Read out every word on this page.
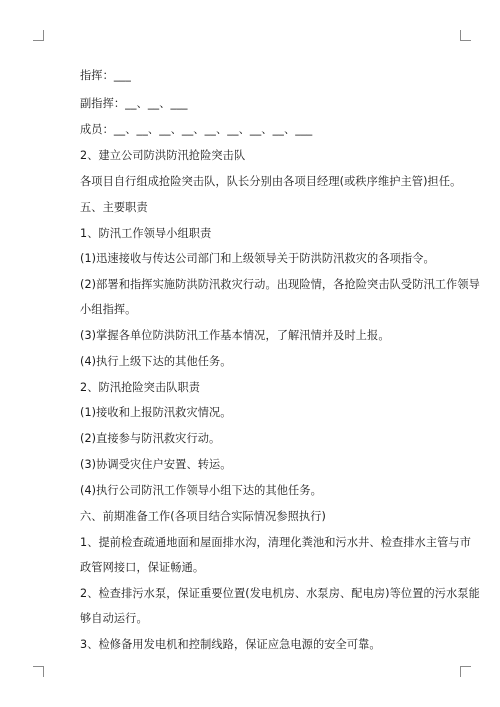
指挥：___
副指挥：__、__、___
成员：__、__、__、__、__、__、__、__、___
2、建立公司防洪防汛抢险突击队
各项目自行组成抢险突击队，队长分别由各项目经理(或秩序维护主管)担任。
五、主要职责
1、防汛工作领导小组职责
(1)迅速接收与传达公司部门和上级领导关于防洪防汛救灾的各项指令。
(2)部署和指挥实施防洪防汛救灾行动。出现险情，各抢险突击队受防汛工作领导
小组指挥。
(3)掌握各单位防洪防汛工作基本情况，了解汛情并及时上报。
(4)执行上级下达的其他任务。
2、防汛抢险突击队职责
(1)接收和上报防汛救灾情况。
(2)直接参与防汛救灾行动。
(3)协调受灾住户安置、转运。
(4)执行公司防汛工作领导小组下达的其他任务。
六、前期准备工作(各项目结合实际情况参照执行)
1、提前检查疏通地面和屋面排水沟，清理化粪池和污水井、检查排水主管与市
政管网接口，保证畅通。
2、检查排污水泵，保证重要位置(发电机房、水泵房、配电房)等位置的污水泵能
够自动运行。
3、检修备用发电机和控制线路，保证应急电源的安全可靠。
